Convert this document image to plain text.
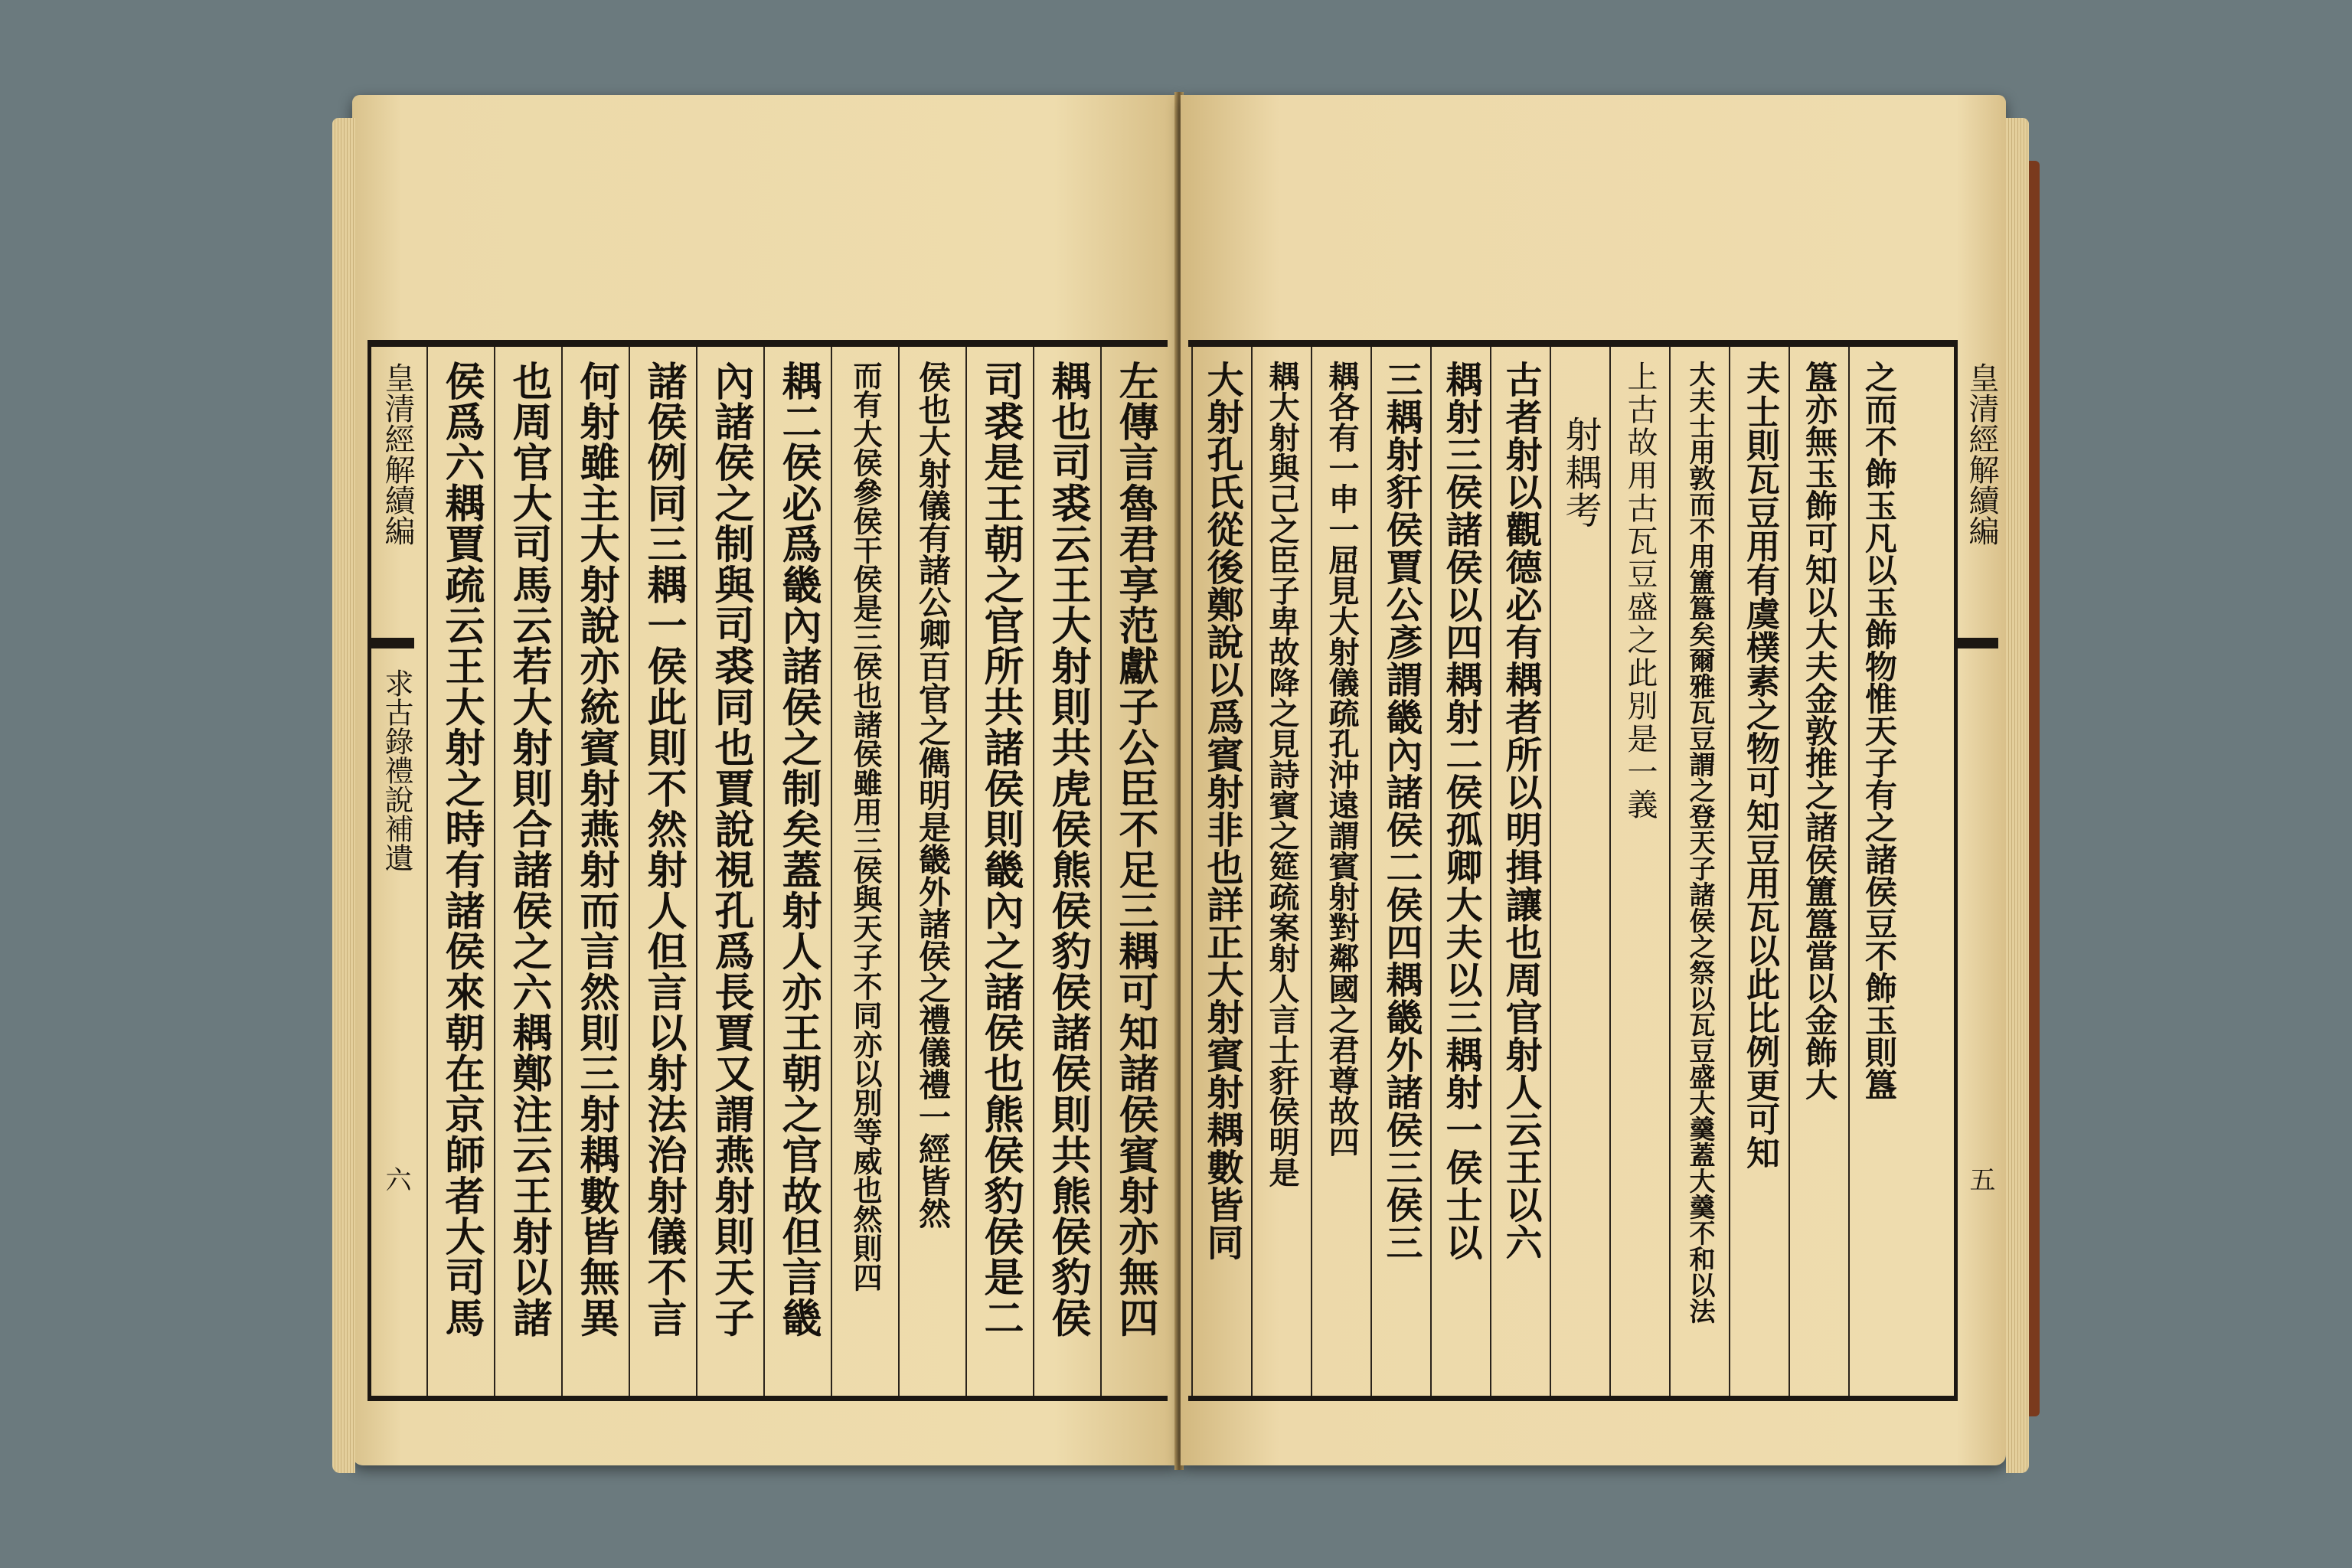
左傳言魯君享范獻子公臣不足三耦可知諸侯賓射亦無四
耦也司裘云王大射則共虎侯熊侯豹侯諸侯則共熊侯豹侯
司裘是王朝之官所共諸侯則畿內之諸侯也熊侯豹侯是二
侯也大射儀有諸公卿百官之儁明是畿外諸侯之禮儀禮一經皆然
而有大侯參侯干侯是三侯也諸侯雖用三侯與天子不同亦以別等威也然則四
耦二侯必爲畿內諸侯之制矣蓋射人亦王朝之官故但言畿
內諸侯之制與司裘同也賈說視孔爲長賈又謂燕射則天子
諸侯例同三耦一侯此則不然射人但言以射法治射儀不言
何射雖主大射說亦統賓射燕射而言然則三射耦數皆無異
也周官大司馬云若大射則合諸侯之六耦鄭注云王射以諸
侯爲六耦賈疏云王大射之時有諸侯來朝在京師者大司馬
皇清經解續編
求古錄禮說補遺
六
之而不飾玉凡以玉飾物惟天子有之諸侯豆不飾玉則簋
簋亦無玉飾可知以大夫金敦推之諸侯簠簋當以金飾大
夫士則瓦豆用有虞樸素之物可知豆用瓦以此比例更可知
大夫士用敦而不用簠簋矣爾雅瓦豆謂之登天子諸侯之祭以瓦豆盛大羹蓋大羹不和以法
上古故用古瓦豆盛之此別是一義
射耦考
古者射以觀德必有耦者所以明揖讓也周官射人云王以六
耦射三侯諸侯以四耦射二侯孤卿大夫以三耦射一侯士以
三耦射豻侯賈公彥謂畿內諸侯二侯四耦畿外諸侯三侯三
耦各有一申一屈見大射儀疏孔沖遠謂賓射對鄰國之君尊故四
耦大射與己之臣子卑故降之見詩賓之筵疏案射人言士豻侯明是
大射孔氏從後鄭說以爲賓射非也詳正大射賓射耦數皆同	皇清經解續編
五
